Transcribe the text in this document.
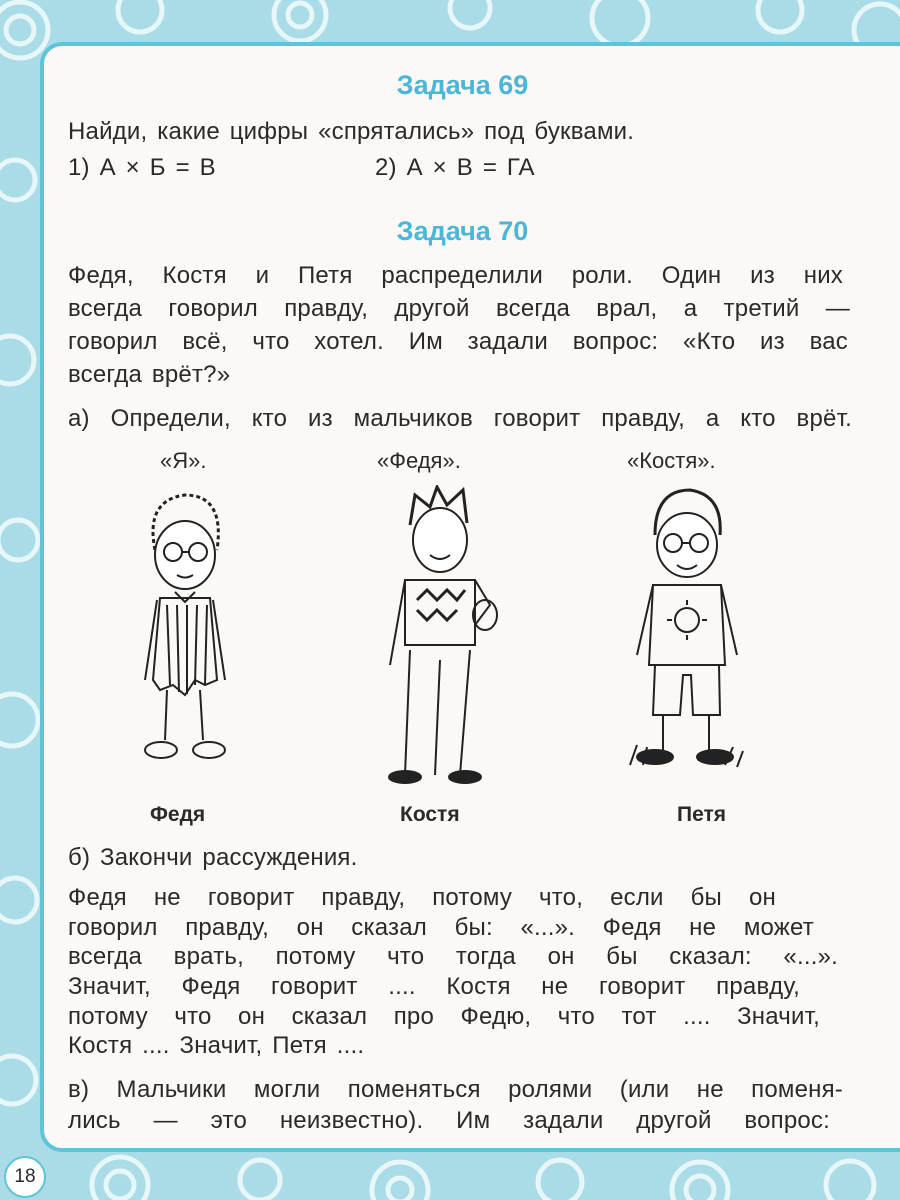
Задача 69
Найди, какие цифры «спрятались» под буквами.
1) А × Б = В	2) А × В = ГА
Задача 70
Федя, Костя и Петя распределили роли. Один из них
всегда говорил правду, другой всегда врал, а третий —
говорил всё, что хотел. Им задали вопрос: «Кто из вас
всегда врёт?»
а) Определи, кто из мальчиков говорит правду, а кто врёт.
«Я».	«Федя».	«Костя».
Федя	Костя	Петя
б) Закончи рассуждения.
Федя не говорит правду, потому что, если бы он
говорил правду, он сказал бы: «...». Федя не может
всегда врать, потому что тогда он бы сказал: «...».
Значит, Федя говорит .... Костя не говорит правду,
потому что он сказал про Федю, что тот .... Значит,
Костя .... Значит, Петя ....
в) Мальчики могли поменяться ролями (или не поменя-
лись — это неизвестно). Им задали другой вопрос:
18
